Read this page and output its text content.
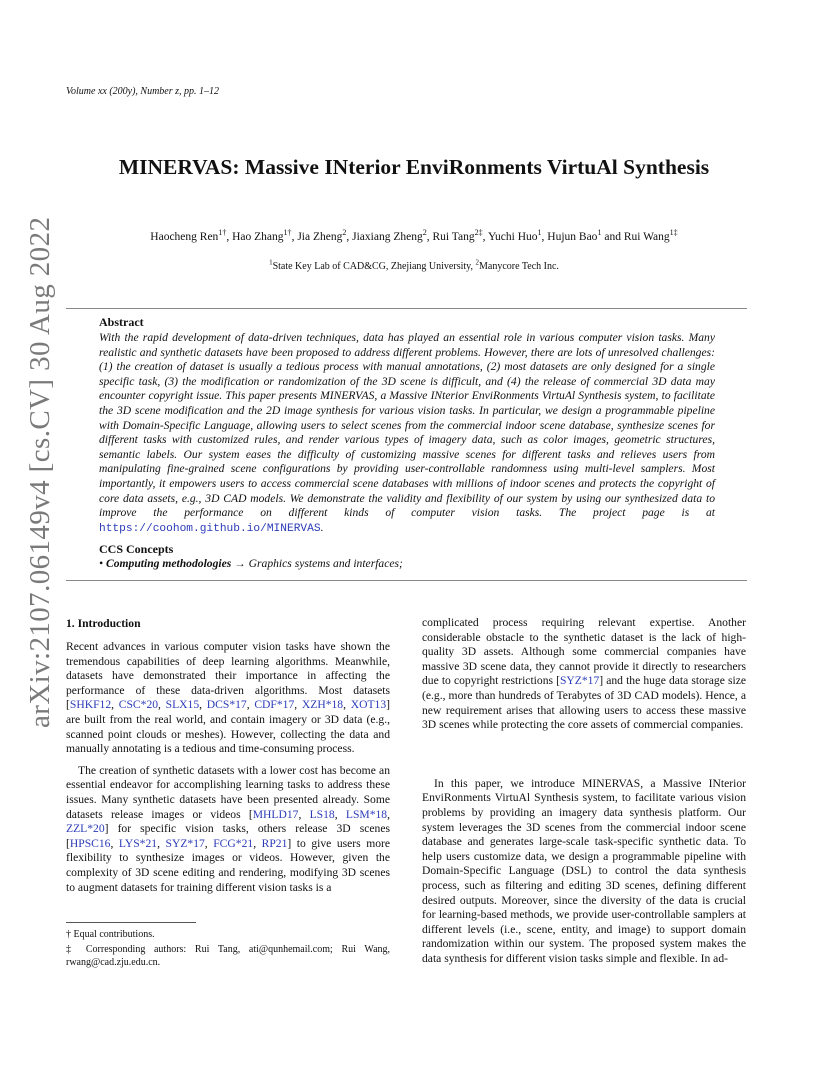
Volume xx (200y), Number z, pp. 1–12
MINERVAS: Massive INterior EnviRonments VirtuAl Synthesis
Haocheng Ren$^{1\dagger}$, Hao Zhang$^{1\dagger}$, Jia Zheng$^2$, Jiaxiang Zheng$^2$, Rui Tang$^{2\ddagger}$, Yuchi Huo$^1$, Hujun Bao$^1$ and Rui Wang$^{1\ddagger}$
$^1$State Key Lab of CAD&CG, Zhejiang University, $^2$Manycore Tech Inc.
Abstract
With the rapid development of data-driven techniques, data has played an essential role in various computer vision tasks. Many realistic and synthetic datasets have been proposed to address different problems. However, there are lots of unresolved challenges: (1) the creation of dataset is usually a tedious process with manual annotations, (2) most datasets are only designed for a single specific task, (3) the modification or randomization of the 3D scene is difficult, and (4) the release of commercial 3D data may encounter copyright issue. This paper presents MINERVAS, a Massive INterior EnviRonments VirtuAl Synthesis system, to facilitate the 3D scene modification and the 2D image synthesis for various vision tasks. In particular, we design a programmable pipeline with Domain-Specific Language, allowing users to select scenes from the commercial indoor scene database, synthesize scenes for different tasks with customized rules, and render various types of imagery data, such as color images, geometric structures, semantic labels. Our system eases the difficulty of customizing massive scenes for different tasks and relieves users from manipulating fine-grained scene configurations by providing user-controllable randomness using multi-level samplers. Most importantly, it empowers users to access commercial scene databases with millions of indoor scenes and protects the copyright of core data assets, e.g., 3D CAD models. We demonstrate the validity and flexibility of our system by using our synthesized data to improve the performance on different kinds of computer vision tasks. The project page is at https://coohom.github.io/MINERVAS.
CCS Concepts
• Computing methodologies → Graphics systems and interfaces;
arXiv:2107.06149v4 [cs.CV] 30 Aug 2022 1. Introduction

Recent advances in various computer vision tasks have shown the tremendous capabilities of deep learning algorithms. Meanwhile, datasets have demonstrated their importance in affecting the performance of these data-driven algorithms. Most datasets [SHKF12, CSC*20, SLX15, DCS*17, CDF*17, XZH*18, XOT13] are built from the real world, and contain imagery or 3D data (e.g., scanned point clouds or meshes). However, collecting the data and manually annotating is a tedious and time-consuming process.

The creation of synthetic datasets with a lower cost has become an essential endeavor for accomplishing learning tasks to address these issues. Many synthetic datasets have been presented already. Some datasets release images or videos [MHLD17, LS18, LSM*18, ZZL*20] for specific vision tasks, others release 3D scenes [HPSC16, LYS*21, SYZ*17, FCG*21, RP21] to give users more flexibility to synthesize images or videos. However, given the complexity of 3D scene editing and rendering, modifying 3D scenes to augment datasets for training different vision tasks is a

† Equal contributions.
‡ Corresponding authors: Rui Tang, ati@qunhemail.com; Rui Wang, rwang@cad.zju.edu.cn.

complicated process requiring relevant expertise. Another considerable obstacle to the synthetic dataset is the lack of high-quality 3D assets. Although some commercial companies have massive 3D scene data, they cannot provide it directly to researchers due to copyright restrictions [SYZ*17] and the huge data storage size (e.g., more than hundreds of Terabytes of 3D CAD models). Hence, a new requirement arises that allowing users to access these massive 3D scenes while protecting the core assets of commercial companies.

In this paper, we introduce MINERVAS, a Massive INterior EnviRonments VirtuAl Synthesis system, to facilitate various vision problems by providing an imagery data synthesis platform. Our system leverages the 3D scenes from the commercial indoor scene database and generates large-scale task-specific synthetic data. To help users customize data, we design a programmable pipeline with Domain-Specific Language (DSL) to control the data synthesis process, such as filtering and editing 3D scenes, defining different desired outputs. Moreover, since the diversity of the data is crucial for learning-based methods, we provide user-controllable samplers at different levels (i.e., scene, entity, and image) to support domain randomization within our system. The proposed system makes the data synthesis for different vision tasks simple and flexible. In ad-
